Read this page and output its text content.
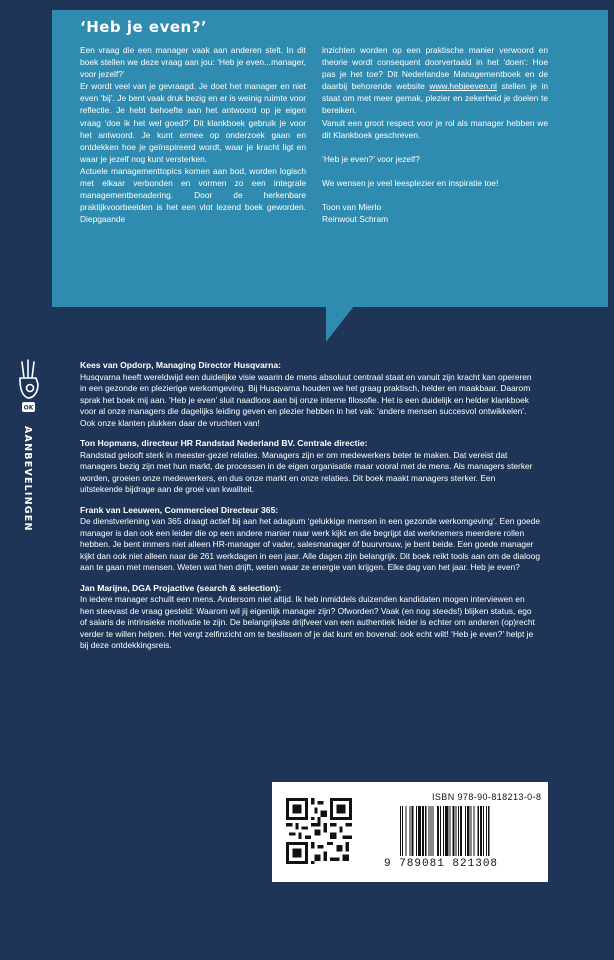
‘Heb je even?’

Een vraag die een manager vaak aan anderen stelt. In dit boek stellen we deze vraag aan jou: ‘Heb je even...manager, voor jezelf?’

Er wordt veel van je gevraagd. Je doet het manager en niet even ‘bij’. Je bent vaak druk bezig en er is weinig ruimte voor reflectie. Je hebt behoefte aan het antwoord op je eigen vraag ‘doe ik het wel goed?’ Dit klankboek gebruik je voor het antwoord. Je kunt ermee op onderzoek gaan en ontdekken hoe je geïnspireerd wordt, waar je kracht ligt en waar je jezelf nog kunt versterken.

Actuele managementtopics komen aan bod, worden logisch met elkaar verbonden en vormen zo een integrale managementbenadering. Door de herkenbare praktijkvoorbeelden is het een vlot lezend boek geworden. Diepgaande

inzichten worden op een praktische manier verwoord en theorie wordt consequent doorvertaald in het ‘doen’: Hoe pas je het toe? Dit Nederlandse Managementboek en de daarbij behorende website www.hebjeeven.nl stellen je in staat om met meer gemak, plezier en zekerheid je doelen te bereiken.

Vanuit een groot respect voor je rol als manager hebben we dit Klankboek geschreven.

‘Heb je even?’ voor jezelf?

We wensen je veel leesplezier en inspiratie toe!

Toon van Mierlo

Reinwout Schram

OK
AANBEVELINGEN

Kees van Opdorp, Managing Director Husqvarna:

Husqvarna heeft wereldwijd een duidelijke visie waarin de mens absoluut centraal staat en vanuit zijn kracht kan opereren in een gezonde en plezierige werkomgeving. Bij Husqvarna houden we het graag praktisch, helder en maakbaar. Daarom sprak het boek mij aan. ‘Heb je even’ sluit naadloos aan bij onze interne filosofie. Het is een duidelijk en helder klankboek voor al onze managers die dagelijks leiding geven en plezier hebben in het vak: ‘andere mensen succesvol ontwikkelen’. Ook onze klanten plukken daar de vruchten van!

Ton Hopmans, directeur HR Randstad Nederland BV. Centrale directie:

Randstad gelooft sterk in meester-gezel relaties. Managers zijn er om medewerkers beter te maken. Dat vereist dat managers bezig zijn met hun markt, de processen in de eigen organisatie maar vooral met de mens. Als managers sterker worden, groeien onze medewerkers, en dus onze markt en onze relaties. Dit boek maakt managers sterker. Een uitstekende bijdrage aan de groei van kwaliteit.

Frank van Leeuwen, Commercieel Directeur 365:

De dienstverlening van 365 draagt actief bij aan het adagium ‘gelukkige mensen in een gezonde werkomgeving’. Een goede manager is dan ook een leider die op een andere manier naar werk kijkt en die begrijpt dat werknemers meerdere rollen hebben. Je bent immers niet alleen HR-manager of vader, salesmanager óf buurvrouw, je bent beide. Een goede manager kijkt dan ook niet alleen naar de 261 werkdagen in een jaar. Alle dagen zijn belangrijk. Dit boek reikt tools aan om de dialoog aan te gaan met mensen. Weten wat hen drijft, weten waar ze energie van krijgen. Elke dag van het jaar. Heb je even?

Jan Marijne, DGA Projactive (search & selection):

In iedere manager schuilt een mens. Andersom niet altijd. Ik heb inmiddels duizenden kandidaten mogen interviewen en hen steevast de vraag gesteld: Waarom wil jij eigenlijk manager zijn? Ofworden? Vaak (en nog steeds!) blijken status, ego of salaris de intrinsieke motivatie te zijn. De belangrijkste drijfveer van een authentiek leider is echter om anderen (op)recht verder te willen helpen. Het vergt zelfinzicht om te beslissen of je dat kunt en bovenal: ook echt wilt! ‘Heb je even?’ helpt je bij deze ontdekkingsreis.

ISBN 978-90-818213-0-8
9 789081 821308
